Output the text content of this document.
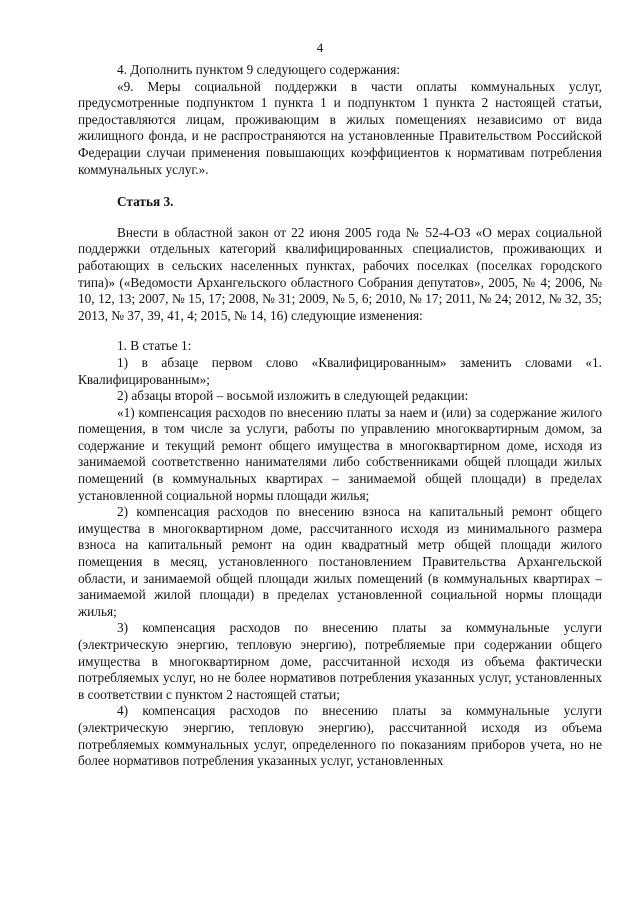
4

4. Дополнить пунктом 9 следующего содержания:

«9. Меры социальной поддержки в части оплаты коммунальных услуг, предусмотренные подпунктом 1 пункта 1 и подпунктом 1 пункта 2 настоящей статьи, предоставляются лицам, проживающим в жилых помещениях независимо от вида жилищного фонда, и не распространяются на установленные Правительством Российской Федерации случаи применения повышающих коэффициентов к нормативам потребления коммунальных услуг.».

Статья 3.

Внести в областной закон от 22 июня 2005 года № 52-4-ОЗ «О мерах социальной поддержки отдельных категорий квалифицированных специалистов, проживающих и работающих в сельских населенных пунктах, рабочих поселках (поселках городского типа)» («Ведомости Архангельского областного Собрания депутатов», 2005, № 4; 2006, № 10, 12, 13; 2007, № 15, 17; 2008, № 31; 2009, № 5, 6; 2010, № 17; 2011, № 24; 2012, № 32, 35; 2013, № 37, 39, 41, 4; 2015, № 14, 16) следующие изменения:

1. В статье 1:

1) в абзаце первом слово «Квалифицированным» заменить словами «1. Квалифицированным»;

2) абзацы второй – восьмой изложить в следующей редакции:

«1) компенсация расходов по внесению платы за наем и (или) за содержание жилого помещения, в том числе за услуги, работы по управлению многоквартирным домом, за содержание и текущий ремонт общего имущества в многоквартирном доме, исходя из занимаемой соответственно нанимателями либо собственниками общей площади жилых помещений (в коммунальных квартирах – занимаемой общей площади) в пределах установленной социальной нормы площади жилья;

2) компенсация расходов по внесению взноса на капитальный ремонт общего имущества в многоквартирном доме, рассчитанного исходя из минимального размера взноса на капитальный ремонт на один квадратный метр общей площади жилого помещения в месяц, установленного постановлением Правительства Архангельской области, и занимаемой общей площади жилых помещений (в коммунальных квартирах – занимаемой жилой площади) в пределах установленной социальной нормы площади жилья;

3) компенсация расходов по внесению платы за коммунальные услуги (электрическую энергию, тепловую энергию), потребляемые при содержании общего имущества в многоквартирном доме, рассчитанной исходя из объема фактически потребляемых услуг, но не более нормативов потребления указанных услуг, установленных в соответствии с пунктом 2 настоящей статьи;

4) компенсация расходов по внесению платы за коммунальные услуги (электрическую энергию, тепловую энергию), рассчитанной исходя из объема потребляемых коммунальных услуг, определенного по показаниям приборов учета, но не более нормативов потребления указанных услуг, установленных
